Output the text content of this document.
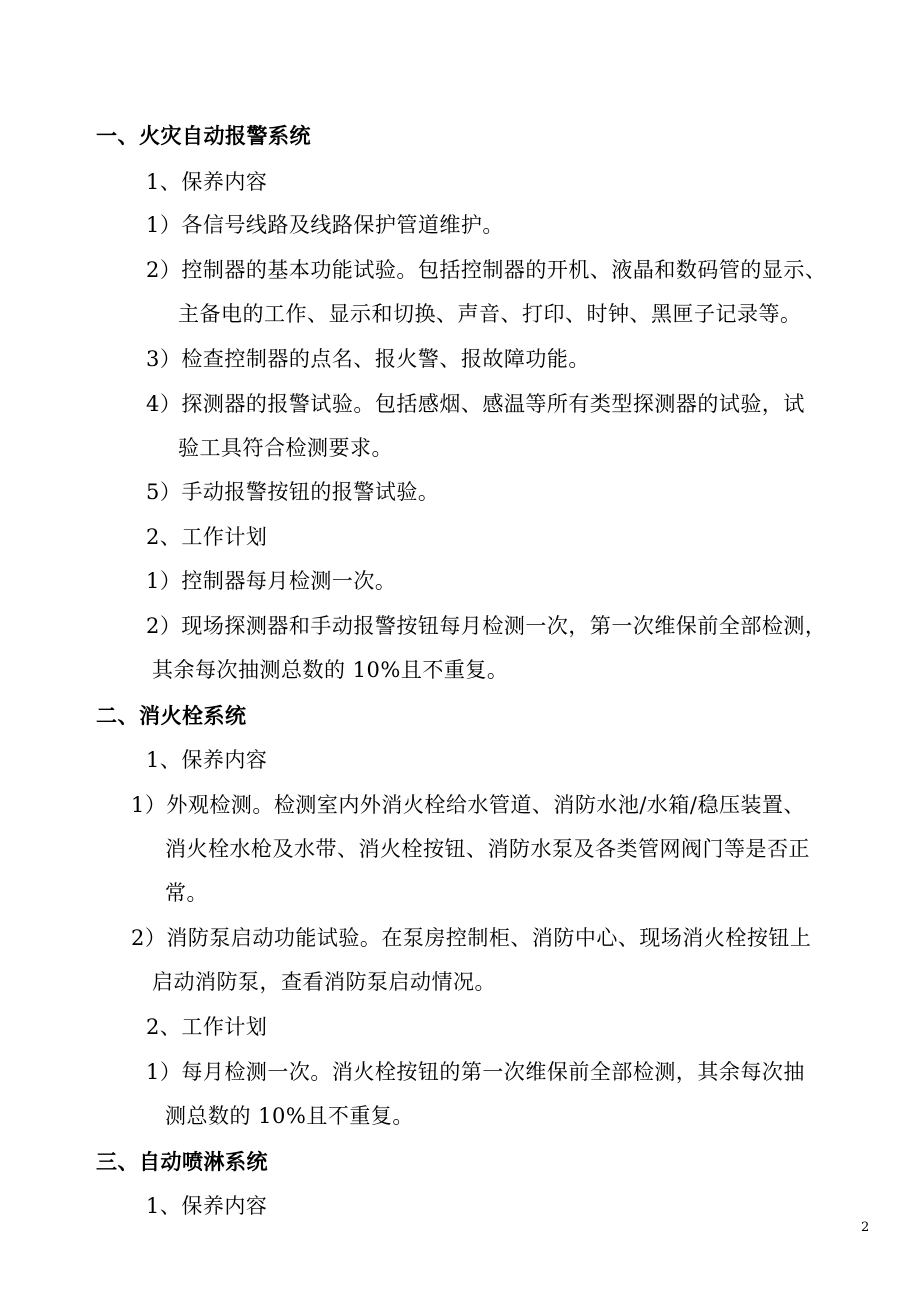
一、火灾自动报警系统
1、保养内容
1）各信号线路及线路保护管道维护。
2）控制器的基本功能试验。包括控制器的开机、液晶和数码管的显示、
主备电的工作、显示和切换、声音、打印、时钟、黑匣子记录等。
3）检查控制器的点名、报火警、报故障功能。
4）探测器的报警试验。包括感烟、感温等所有类型探测器的试验，试
验工具符合检测要求。
5）手动报警按钮的报警试验。
2、工作计划
1）控制器每月检测一次。
2）现场探测器和手动报警按钮每月检测一次，第一次维保前全部检测，
其余每次抽测总数的 10%且不重复。
二、消火栓系统
1、保养内容
1）外观检测。检测室内外消火栓给水管道、消防水池/水箱/稳压装置、
消火栓水枪及水带、消火栓按钮、消防水泵及各类管网阀门等是否正
常。
2）消防泵启动功能试验。在泵房控制柜、消防中心、现场消火栓按钮上
启动消防泵，查看消防泵启动情况。
2、工作计划
1）每月检测一次。消火栓按钮的第一次维保前全部检测，其余每次抽
测总数的 10%且不重复。
三、自动喷淋系统
1、保养内容
2
